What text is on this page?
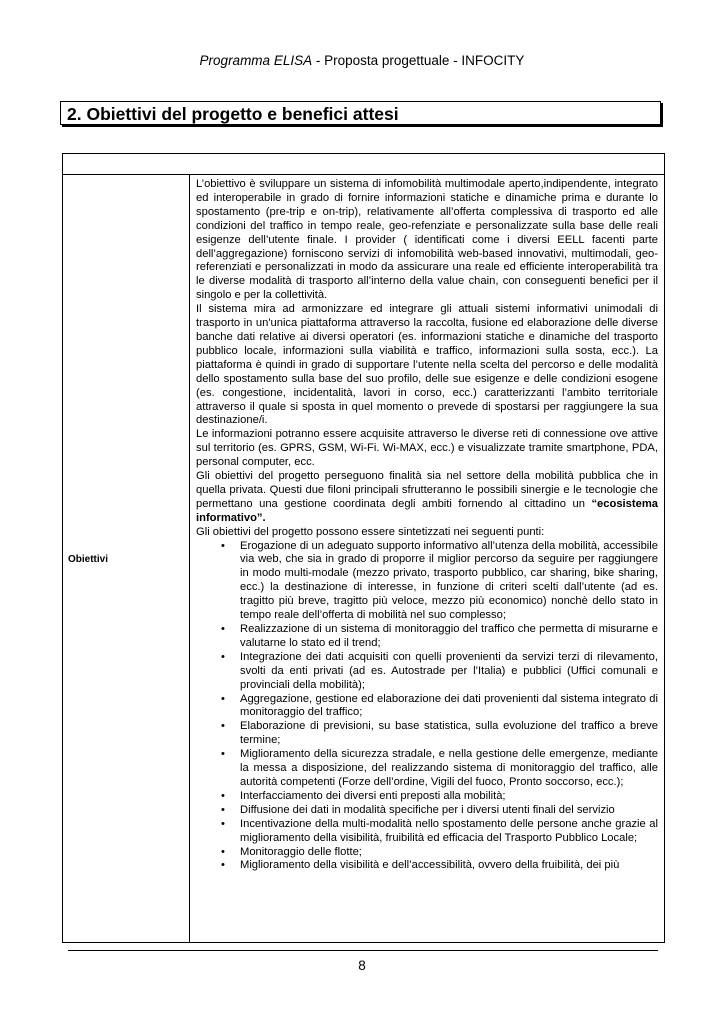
Programma ELISA - Proposta progettuale - INFOCITY
2. Obiettivi del progetto e benefici attesi
Obiettivi

L’obiettivo è sviluppare un sistema di infomobilità multimodale aperto,indipendente, integrato ed interoperabile in grado di fornire informazioni statiche e dinamiche prima e durante lo spostamento (pre-trip e on-trip), relativamente all’offerta complessiva di trasporto ed alle condizioni del traffico in tempo reale, geo-refenziate e personalizzate sulla base delle reali esigenze dell’utente finale. I provider ( identificati come i diversi EELL facenti parte dell’aggregazione) forniscono servizi di infomobilità web-based innovativi, multimodali, geo-referenziati e personalizzati in modo da assicurare una reale ed efficiente interoperabilità tra le diverse modalità di trasporto all’interno della value chain, con conseguenti benefici per il singolo e per la collettività.

Il sistema mira ad armonizzare ed integrare gli attuali sistemi informativi unimodali di trasporto in un'unica piattaforma attraverso la raccolta, fusione ed elaborazione delle diverse banche dati relative ai diversi operatori (es. informazioni statiche e dinamiche del trasporto pubblico locale, informazioni sulla viabilità e traffico, informazioni sulla sosta, ecc.). La piattaforma è quindi in grado di supportare l’utente nella scelta del percorso e delle modalità dello spostamento sulla base del suo profilo, delle sue esigenze e delle condizioni esogene (es. congestione, incidentalità, lavori in corso, ecc.) caratterizzanti l’ambito territoriale attraverso il quale si sposta in quel momento o prevede di spostarsi per raggiungere la sua destinazione/i.

Le informazioni potranno essere acquisite attraverso le diverse reti di connessione ove attive sul territorio (es. GPRS, GSM, Wi-Fi. Wi-MAX, ecc.) e visualizzate tramite smartphone, PDA, personal computer, ecc.

Gli obiettivi del progetto perseguono finalità sia nel settore della mobilità pubblica che in quella privata. Questi due filoni principali sfrutteranno le possibili sinergie e le tecnologie che permettano una gestione coordinata degli ambiti fornendo al cittadino un “ecosistema informativo”.

Gli obiettivi del progetto possono essere sintetizzati nei seguenti punti:

• Erogazione di un adeguato supporto informativo all’utenza della mobilità, accessibile via web, che sia in grado di proporre il miglior percorso da seguire per raggiungere in modo multi-modale (mezzo privato, trasporto pubblico, car sharing, bike sharing, ecc.) la destinazione di interesse, in funzione di criteri scelti dall’utente (ad es. tragitto più breve, tragitto più veloce, mezzo più economico) nonchè dello stato in tempo reale dell’offerta di mobilità nel suo complesso;
• Realizzazione di un sistema di monitoraggio del traffico che permetta di misurarne e valutarne lo stato ed il trend;
• Integrazione dei dati acquisiti con quelli provenienti da servizi terzi di rilevamento, svolti da enti privati (ad es. Autostrade per l’Italia) e pubblici (Uffici comunali e provinciali della mobilità);
• Aggregazione, gestione ed elaborazione dei dati provenienti dal sistema integrato di monitoraggio del traffico;
• Elaborazione di previsioni, su base statistica, sulla evoluzione del traffico a breve termine;
• Miglioramento della sicurezza stradale, e nella gestione delle emergenze, mediante la messa a disposizione, del realizzando sistema di monitoraggio del traffico, alle autorità competenti (Forze dell’ordine, Vigili del fuoco, Pronto soccorso, ecc.);
• Interfacciamento dei diversi enti preposti alla mobilità;
• Diffusione dei dati in modalità specifiche per i diversi utenti finali del servizio
• Incentivazione della multi-modalità nello spostamento delle persone anche grazie al miglioramento della visibilità, fruibilità ed efficacia del Trasporto Pubblico Locale;
• Monitoraggio delle flotte;
• Miglioramento della visibilità e dell’accessibilità, ovvero della fruibilità, dei più
8
